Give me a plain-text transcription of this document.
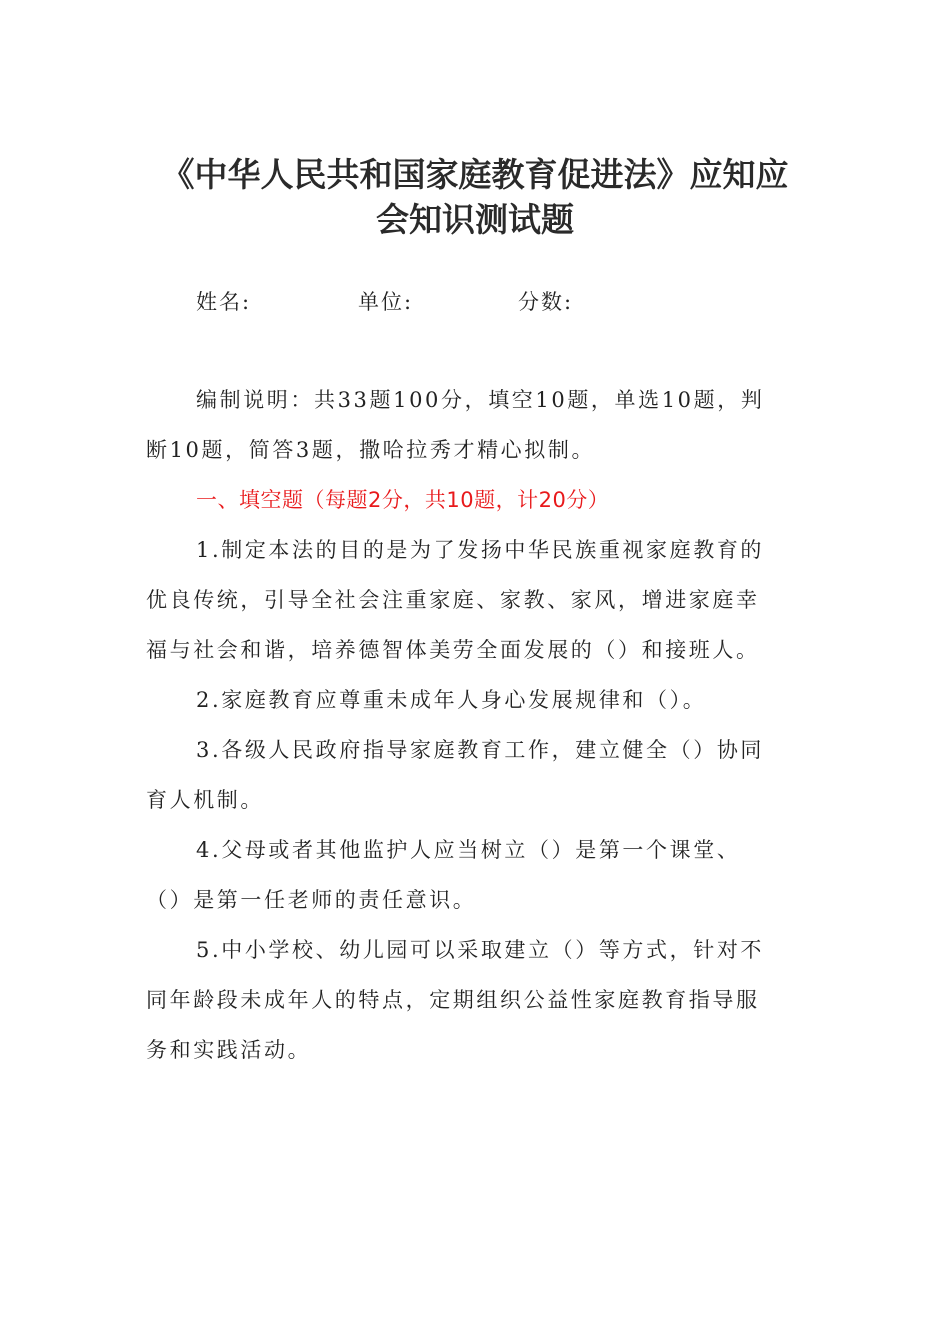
《中华人民共和国家庭教育促进法》应知应
会知识测试题
姓名:	单位:	分数:
编制说明：共33题100分，填空10题，单选10题，判
断10题，简答3题，撒哈拉秀才精心拟制。
一、填空题（每题2分，共10题，计20分）
1.制定本法的目的是为了发扬中华民族重视家庭教育的
优良传统，引导全社会注重家庭、家教、家风，增进家庭幸
福与社会和谐，培养德智体美劳全面发展的（）和接班人。
2.家庭教育应尊重未成年人身心发展规律和（）。
3.各级人民政府指导家庭教育工作，建立健全（）协同
育人机制。
4.父母或者其他监护人应当树立（）是第一个课堂、
（）是第一任老师的责任意识。
5.中小学校、幼儿园可以采取建立（）等方式，针对不
同年龄段未成年人的特点，定期组织公益性家庭教育指导服
务和实践活动。
